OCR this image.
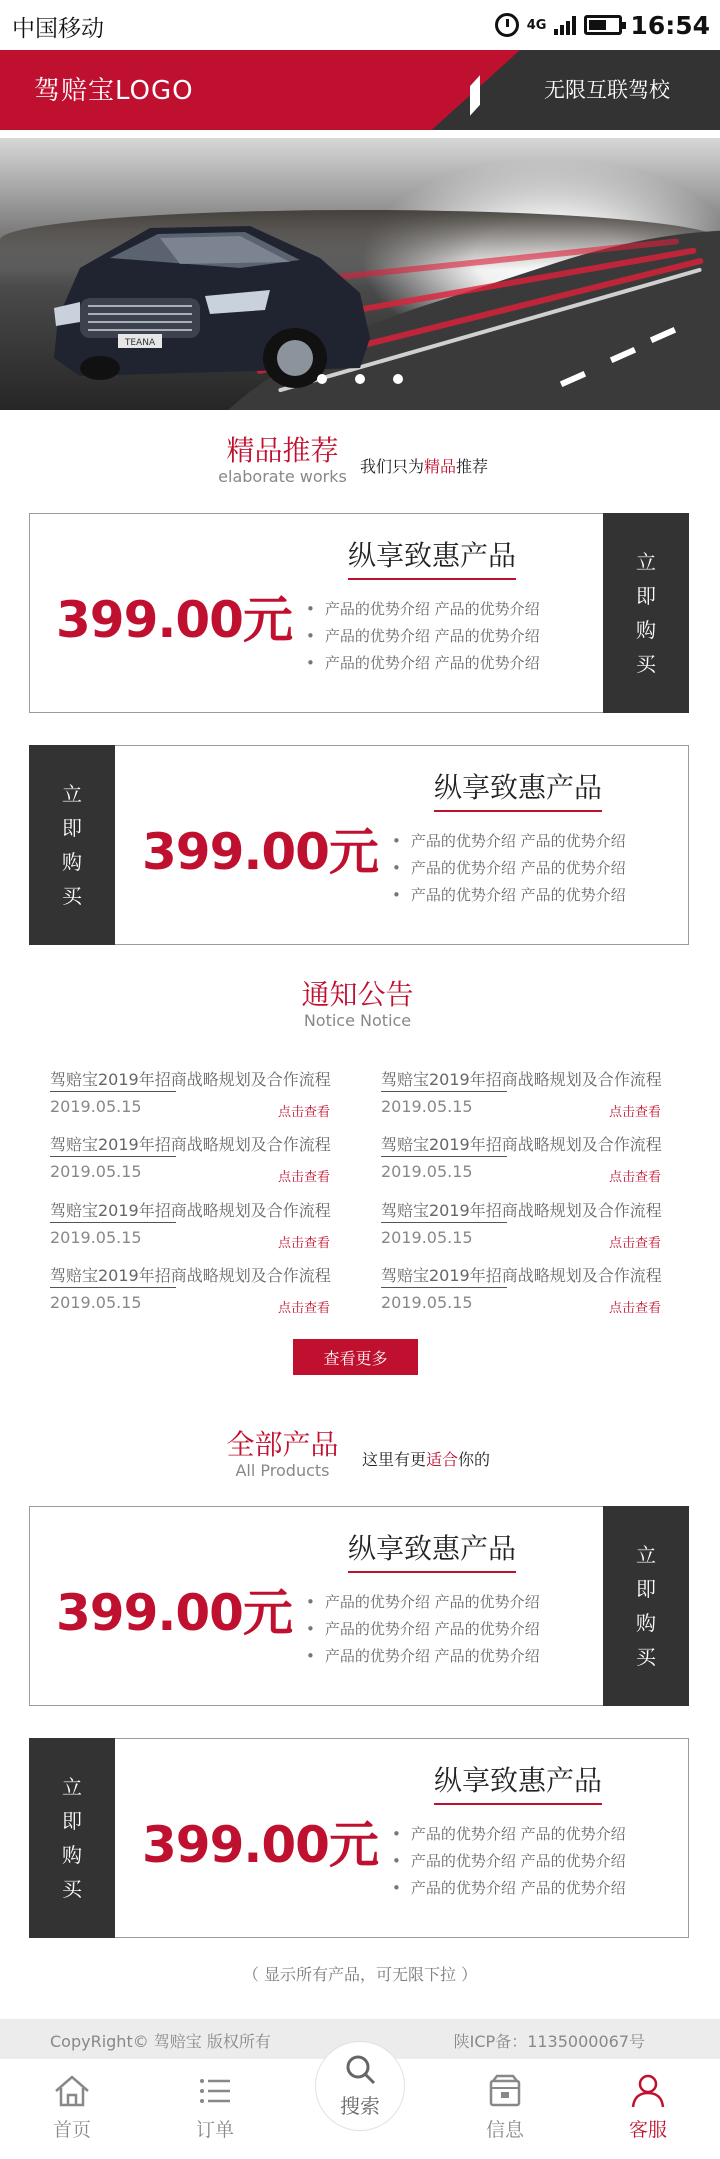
中国移动	4G	16:54
驾赔宝LOGO	无限互联驾校
TEANA
精品推荐
elaborate works
我们只为精品推荐
399.00元
纵享致惠产品
• 产品的优势介绍 产品的优势介绍
• 产品的优势介绍 产品的优势介绍
• 产品的优势介绍 产品的优势介绍
立
即
购
买
立
即
购
买
399.00元
纵享致惠产品
• 产品的优势介绍 产品的优势介绍
• 产品的优势介绍 产品的优势介绍
• 产品的优势介绍 产品的优势介绍
通知公告
Notice Notice
驾赔宝2019年招商战略规划及合作流程
2019.05.15	点击查看
驾赔宝2019年招商战略规划及合作流程
2019.05.15	点击查看
驾赔宝2019年招商战略规划及合作流程
2019.05.15	点击查看
驾赔宝2019年招商战略规划及合作流程
2019.05.15	点击查看
驾赔宝2019年招商战略规划及合作流程
2019.05.15	点击查看
驾赔宝2019年招商战略规划及合作流程
2019.05.15	点击查看
驾赔宝2019年招商战略规划及合作流程
2019.05.15	点击查看
驾赔宝2019年招商战略规划及合作流程
2019.05.15	点击查看
查看更多
全部产品
All Products
这里有更适合你的
399.00元
纵享致惠产品
• 产品的优势介绍 产品的优势介绍
• 产品的优势介绍 产品的优势介绍
• 产品的优势介绍 产品的优势介绍
立
即
购
买
立
即
购
买
399.00元
纵享致惠产品
• 产品的优势介绍 产品的优势介绍
• 产品的优势介绍 产品的优势介绍
• 产品的优势介绍 产品的优势介绍
（ 显示所有产品，可无限下拉 ）
CopyRight© 驾赔宝 版权所有	陕ICP备：1135000067号
首页	订单
搜索
信息	客服
